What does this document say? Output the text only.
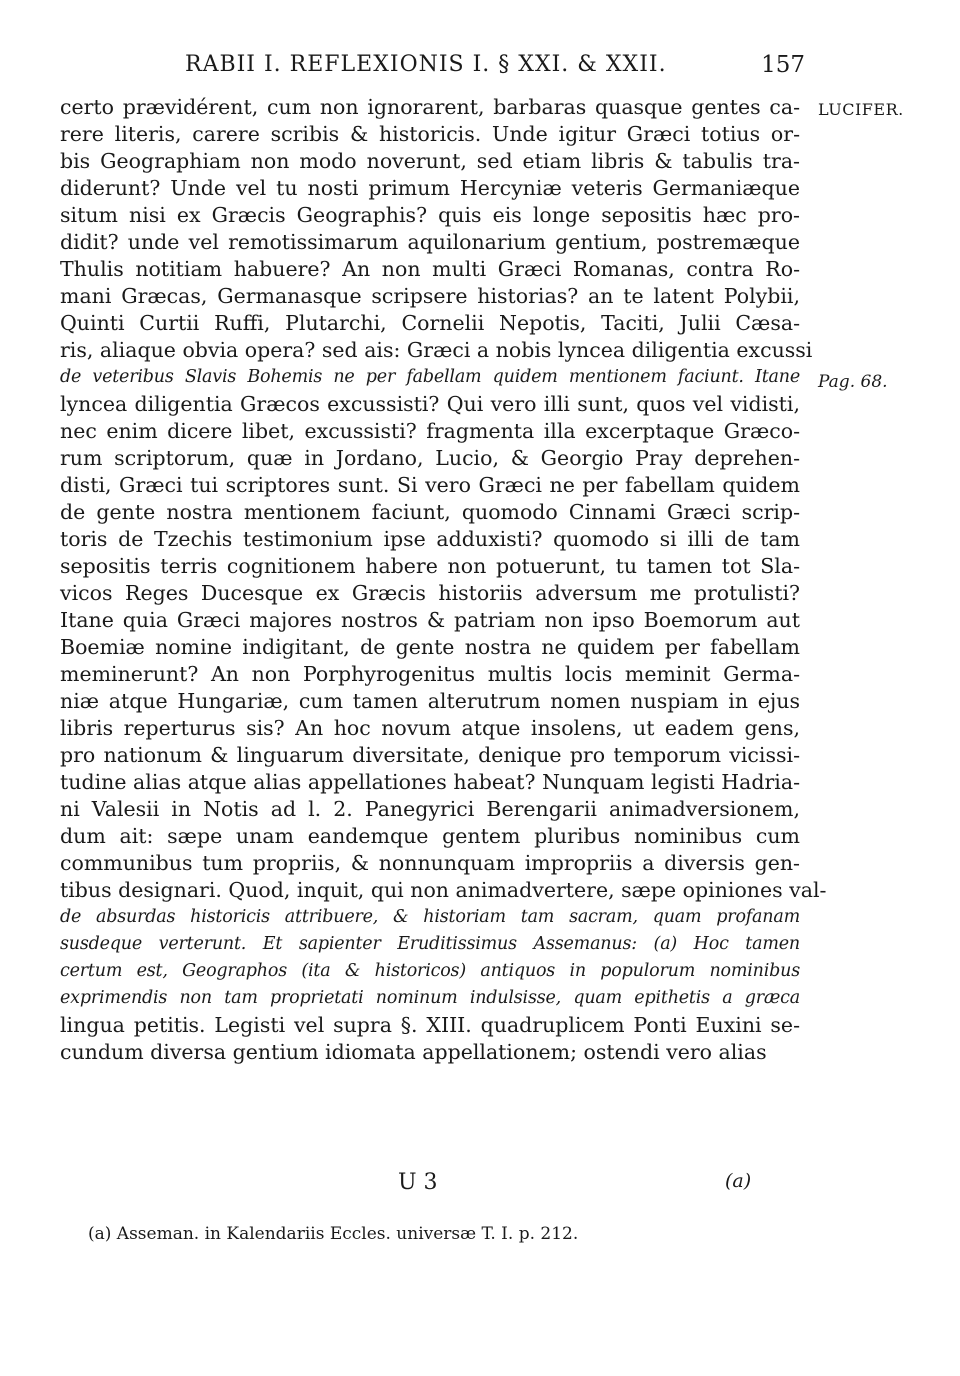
RABII I. REFLEXIONIS I. § XXI. & XXII.	157
certo prævidérent, cum non ignorarent, barbaras quasque gentes ca-
rere literis, carere scribis & historicis. Unde igitur Græci totius or-
bis Geographiam non modo noverunt, sed etiam libris & tabulis tra-
diderunt? Unde vel tu nosti primum Hercyniæ veteris Germaniæque
situm nisi ex Græcis Geographis? quis eis longe sepositis hæc pro-
didit? unde vel remotissimarum aquilonarium gentium, postremæque
Thulis notitiam habuere? An non multi Græci Romanas, contra Ro-
mani Græcas, Germanasque scripsere historias? an te latent Polybii,
Quinti Curtii Ruffi, Plutarchi, Cornelii Nepotis, Taciti, Julii Cæsa-
ris, aliaque obvia opera? sed ais: Græci a nobis lyncea diligentia excussi
de veteribus Slavis Bohemis ne per fabellam quidem mentionem faciunt. Itane
lyncea diligentia Græcos excussisti? Qui vero illi sunt, quos vel vidisti,
nec enim dicere libet, excussisti? fragmenta illa excerptaque Græco-
rum scriptorum, quæ in Jordano, Lucio, & Georgio Pray deprehen-
disti, Græci tui scriptores sunt. Si vero Græci ne per fabellam quidem
de gente nostra mentionem faciunt, quomodo Cinnami Græci scrip-
toris de Tzechis testimonium ipse adduxisti? quomodo si illi de tam
sepositis terris cognitionem habere non potuerunt, tu tamen tot Sla-
vicos Reges Ducesque ex Græcis historiis adversum me protulisti?
Itane quia Græci majores nostros & patriam non ipso Boemorum aut
Boemiæ nomine indigitant, de gente nostra ne quidem per fabellam
meminerunt? An non Porphyrogenitus multis locis meminit Germa-
niæ atque Hungariæ, cum tamen alterutrum nomen nuspiam in ejus
libris reperturus sis? An hoc novum atque insolens, ut eadem gens,
pro nationum & linguarum diversitate, denique pro temporum vicissi-
tudine alias atque alias appellationes habeat? Nunquam legisti Hadria-
ni Valesii in Notis ad l. 2. Panegyrici Berengarii animadversionem,
dum ait: sæpe unam eandemque gentem pluribus nominibus cum
communibus tum propriis, & nonnunquam impropriis a diversis gen-
tibus designari. Quod, inquit, qui non animadvertere, sæpe opiniones val-
de absurdas historicis attribuere, & historiam tam sacram, quam profanam
susdeque verterunt. Et sapienter Eruditissimus Assemanus: (a) Hoc tamen
certum est, Geographos (ita & historicos) antiquos in populorum nominibus
exprimendis non tam proprietati nominum indulsisse, quam epithetis a græca
lingua petitis. Legisti vel supra §. XIII. quadruplicem Ponti Euxini se-
cundum diversa gentium idiomata appellationem; ostendi vero alias
LUCIFER.
Pag. 68.
U 3	(a)
(a) Asseman. in Kalendariis Eccles. universæ T. I. p. 212.
